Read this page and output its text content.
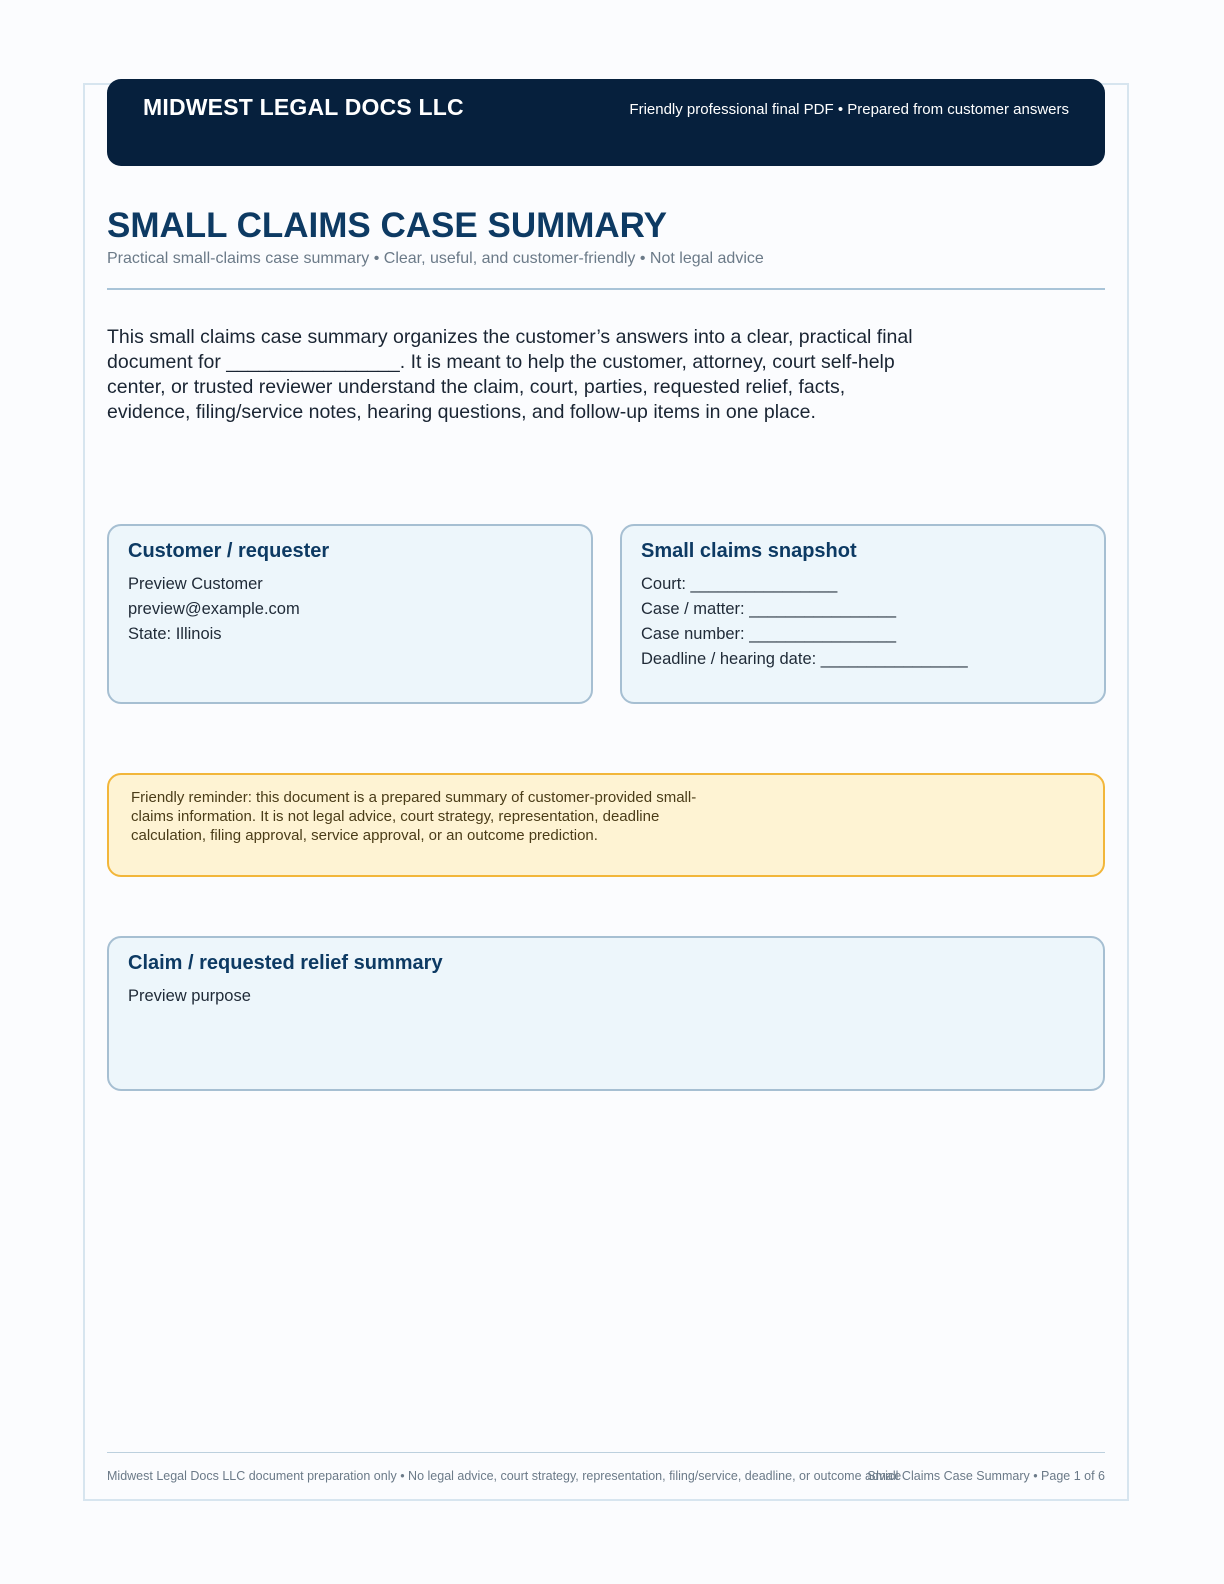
MIDWEST LEGAL DOCS LLC	Friendly professional final PDF • Prepared from customer answers
SMALL CLAIMS CASE SUMMARY
Practical small-claims case summary • Clear, useful, and customer-friendly • Not legal advice
This small claims case summary organizes the customer’s answers into a clear, practical final document for ________________. It is meant to help the customer, attorney, court self-help center, or trusted reviewer understand the claim, court, parties, requested relief, facts, evidence, filing/service notes, hearing questions, and follow-up items in one place.
Customer / requester
Preview Customer
preview@example.com
State: Illinois
Small claims snapshot
Court: ________________
Case / matter: ________________
Case number: ________________
Deadline / hearing date: ________________
Friendly reminder: this document is a prepared summary of customer-provided small-claims information. It is not legal advice, court strategy, representation, deadline calculation, filing approval, service approval, or an outcome prediction.
Claim / requested relief summary
Preview purpose
Midwest Legal Docs LLC document preparation only • No legal advice, court strategy, representation, filing/service, deadline, or outcome advice
Small Claims Case Summary • Page 1 of 6
